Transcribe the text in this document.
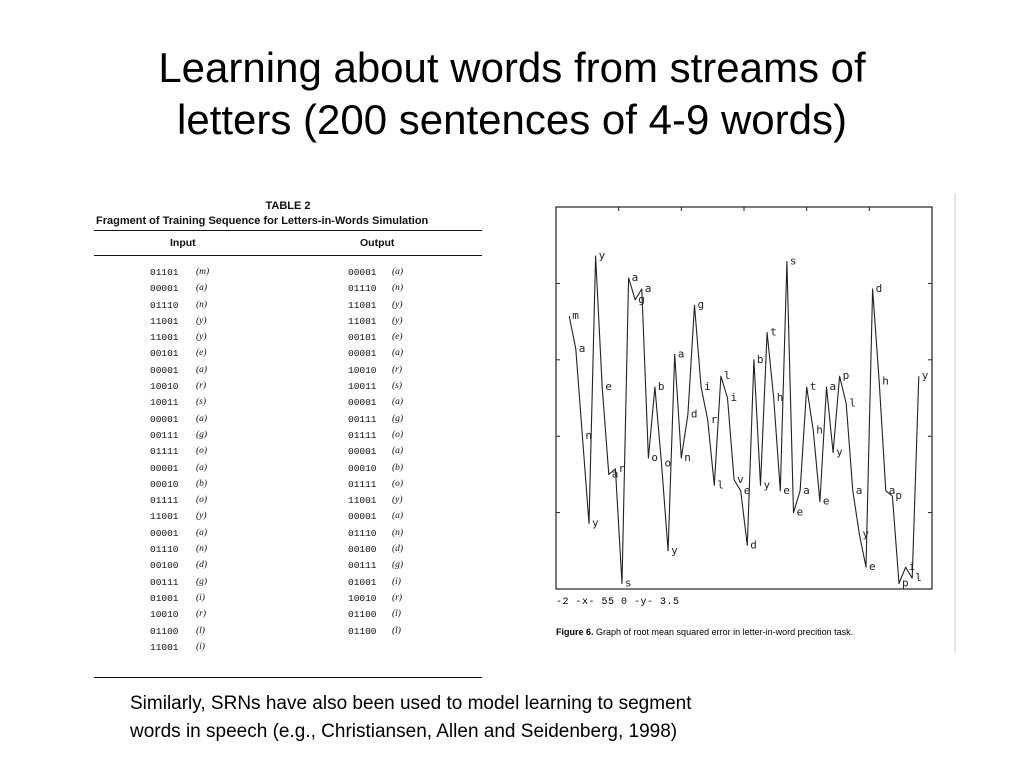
Learning about words from streams of
letters (200 sentences of 4-9 words)
TABLE 2
Fragment of Training Sequence for Letters-in-Words Simulation
Input	Output
01101 (m)	00001 (a)
00001 (a)	01110 (n)
01110 (n)	11001 (y)
11001 (y)	11001 (y)
11001 (y)	00101 (e)
00101 (e)	00001 (a)
00001 (a)	10010 (r)
10010 (r)	10011 (s)
10011 (s)	00001 (a)
00001 (a)	00111 (g)
00111 (g)	01111 (o)
01111 (o)	00001 (a)
00001 (a)	00010 (b)
00010 (b)	01111 (o)
01111 (o)	11001 (y)
11001 (y)	00001 (a)
00001 (a)	01110 (n)
01110 (n)	00100 (d)
00100 (d)	00111 (g)
00111 (g)	01001 (i)
01001 (i)	10010 (r)
10010 (r)	01100 (l)
01100 (l)	01100 (l)
11001 (i)
m
a
n
y
y
e
a r
s
a
g
a
o
b
o
y
a
n
d
g
i
r
l
l
i
v
e
d
b
y
t
h
e
s
e
a
t
h
e
a
y
p
l
a
y
e
d
h
a p
p
i
l
y
-2 -x- 55 0 -y- 3.5
Figure 6. Graph of root mean squared error in letter-in-word precition task.

Similarly, SRNs have also been used to model learning to segment
words in speech (e.g., Christiansen, Allen and Seidenberg, 1998)
